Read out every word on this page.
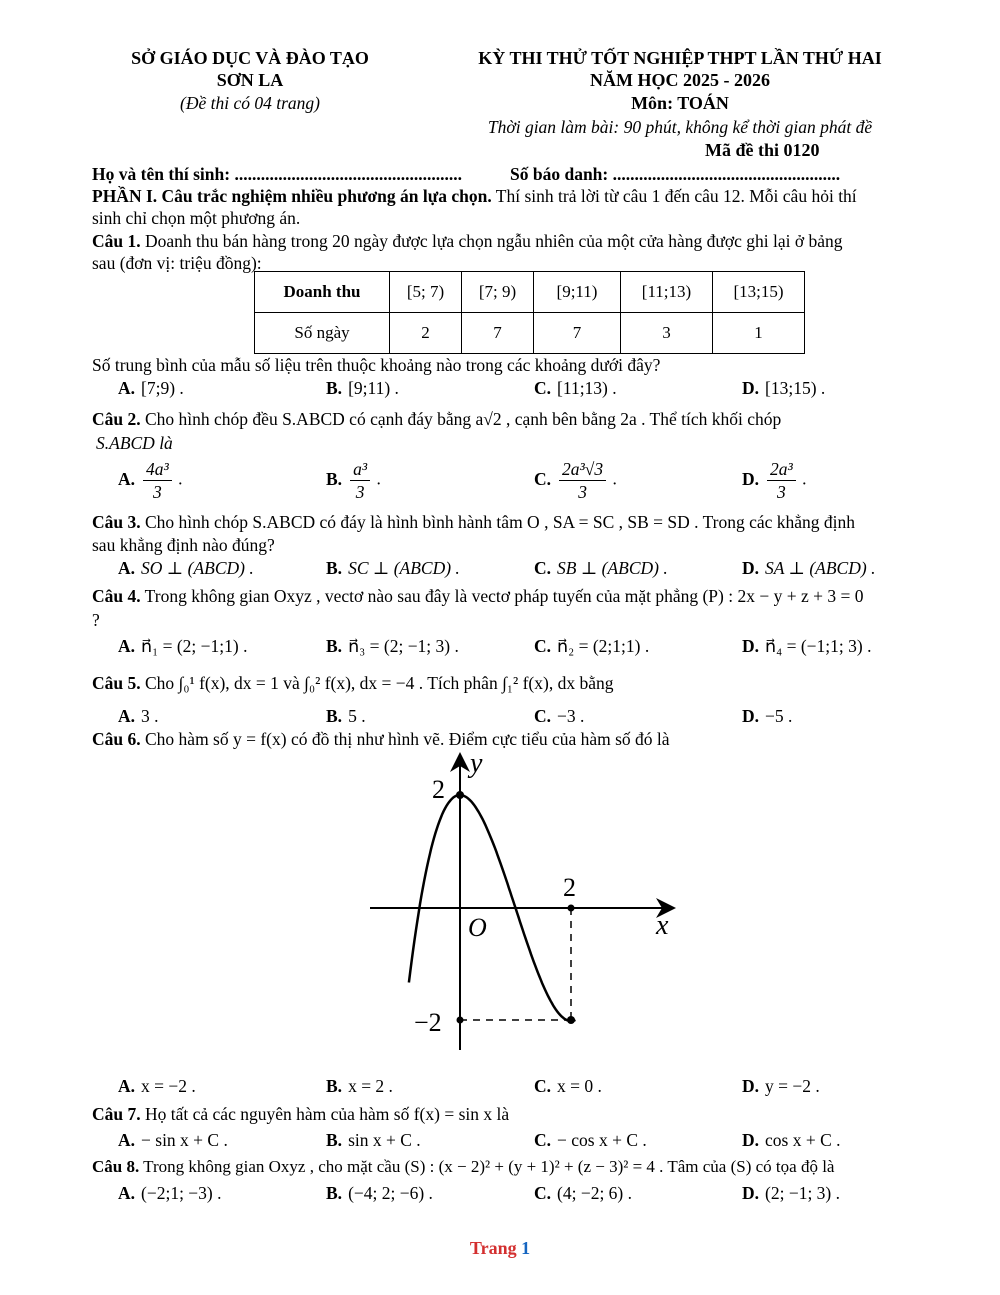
SỞ GIÁO DỤC VÀ ĐÀO TẠO
SƠN LA
(Đề thi có 04 trang)
KỲ THI THỬ TỐT NGHIỆP THPT LẦN THỨ HAI
NĂM HỌC 2025 - 2026
Môn: TOÁN
Thời gian làm bài: 90 phút, không kể thời gian phát đề
Mã đề thi 0120
Họ và tên thí sinh: ....................................................	Số báo danh: ....................................................
PHẦN I. Câu trắc nghiệm nhiều phương án lựa chọn. Thí sinh trả lời từ câu 1 đến câu 12. Mỗi câu hỏi thí
sinh chỉ chọn một phương án.
Câu 1. Doanh thu bán hàng trong 20 ngày được lựa chọn ngẫu nhiên của một cửa hàng được ghi lại ở bảng
sau (đơn vị: triệu đồng):
Doanh thu	[5; 7)	[7; 9)	[9;11)	[11;13)	[13;15)
Số ngày	2	7	7	3	1
Số trung bình của mẫu số liệu trên thuộc khoảng nào trong các khoảng dưới đây?
A. [7;9) .	B. [9;11) .	C. [11;13) .	D. [13;15) .
Câu 2. Cho hình chóp đều S.ABCD có cạnh đáy bằng a√2 , cạnh bên bằng 2a . Thể tích khối chóp
S.ABCD là
A. $\frac{\text{4a³}}{3}$ .	B. $\frac{\text{a³}}{3}$ .	C. $\frac{\text{2a³√3}}{3}$ .	D. $\frac{\text{2a³}}{3}$ .
Câu 3. Cho hình chóp S.ABCD có đáy là hình bình hành tâm O , SA = SC , SB = SD . Trong các khẳng định
sau khẳng định nào đúng?
A. SO ⊥ (ABCD) .	B. SC ⊥ (ABCD) .	C. SB ⊥ (ABCD) .	D. SA ⊥ (ABCD) .
Câu 4. Trong không gian Oxyz , vectơ nào sau đây là vectơ pháp tuyến của mặt phẳng (P) : 2x − y + z + 3 = 0
?
A. n⃗₁ = (2; −1;1) .	B. n⃗₃ = (2; −1; 3) .	C. n⃗₂ = (2;1;1) .	D. n⃗₄ = (−1;1; 3) .
Câu 5. Cho ∫₀¹ f(x), dx = 1 và ∫₀² f(x), dx = −4 . Tích phân ∫₁² f(x), dx bằng
A. 3 .	B. 5 .	C. −3 .	D. −5 .
Câu 6. Cho hàm số y = f(x) có đồ thị như hình vẽ. Điểm cực tiểu của hàm số đó là
y
x
O
2
−2
2
A. x = −2 .	B. x = 2 .	C. x = 0 .	D. y = −2 .
Câu 7. Họ tất cả các nguyên hàm của hàm số f(x) = sin x là
A. − sin x + C .	B. sin x + C .	C. − cos x + C .	D. cos x + C .
Câu 8. Trong không gian Oxyz , cho mặt cầu (S) : (x − 2)² + (y + 1)² + (z − 3)² = 4 . Tâm của (S) có tọa độ là
A. (−2;1; −3) .	B. (−4; 2; −6) .	C. (4; −2; 6) .	D. (2; −1; 3) .
Trang 1
